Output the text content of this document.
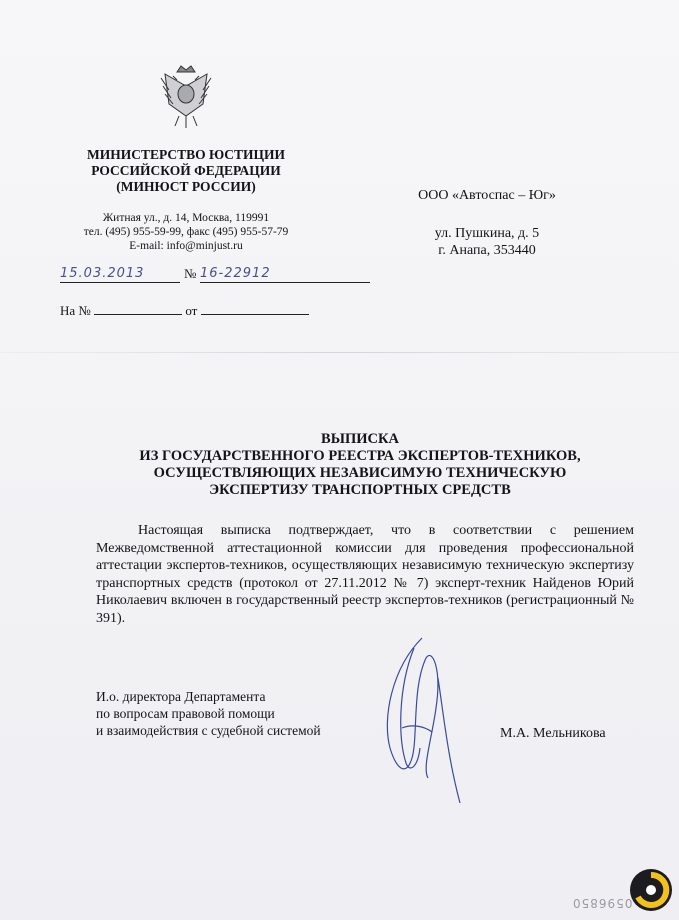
МИНИСТЕРСТВО ЮСТИЦИИ
РОССИЙСКОЙ ФЕДЕРАЦИИ
(МИНЮСТ РОССИИ)
Житная ул., д. 14, Москва, 119991
тел. (495) 955-59-99, факс (495) 955-57-79
E-mail: info@minjust.ru
15.03.2013	№ 16-22912
На №	от
ООО «Автоспас – Юг»
ул. Пушкина, д. 5
г. Анапа, 353440
ВЫПИСКА
ИЗ ГОСУДАРСТВЕННОГО РЕЕСТРА ЭКСПЕРТОВ-ТЕХНИКОВ,
ОСУЩЕСТВЛЯЮЩИХ НЕЗАВИСИМУЮ ТЕХНИЧЕСКУЮ
ЭКСПЕРТИЗУ ТРАНСПОРТНЫХ СРЕДСТВ

Настоящая выписка подтверждает, что в соответствии с решением Межведомственной аттестационной комиссии для проведения профессиональной аттестации экспертов-техников, осуществляющих независимую техническую экспертизу транспортных средств (протокол от 27.11.2012 № 7) эксперт-техник Найденов Юрий Николаевич включен в государственный реестр экспертов-техников (регистрационный № 391).

И.о. директора Департамента
по вопросам правовой помощи
и взаимодействия с судебной системой	М.А. Мельникова
0596850
